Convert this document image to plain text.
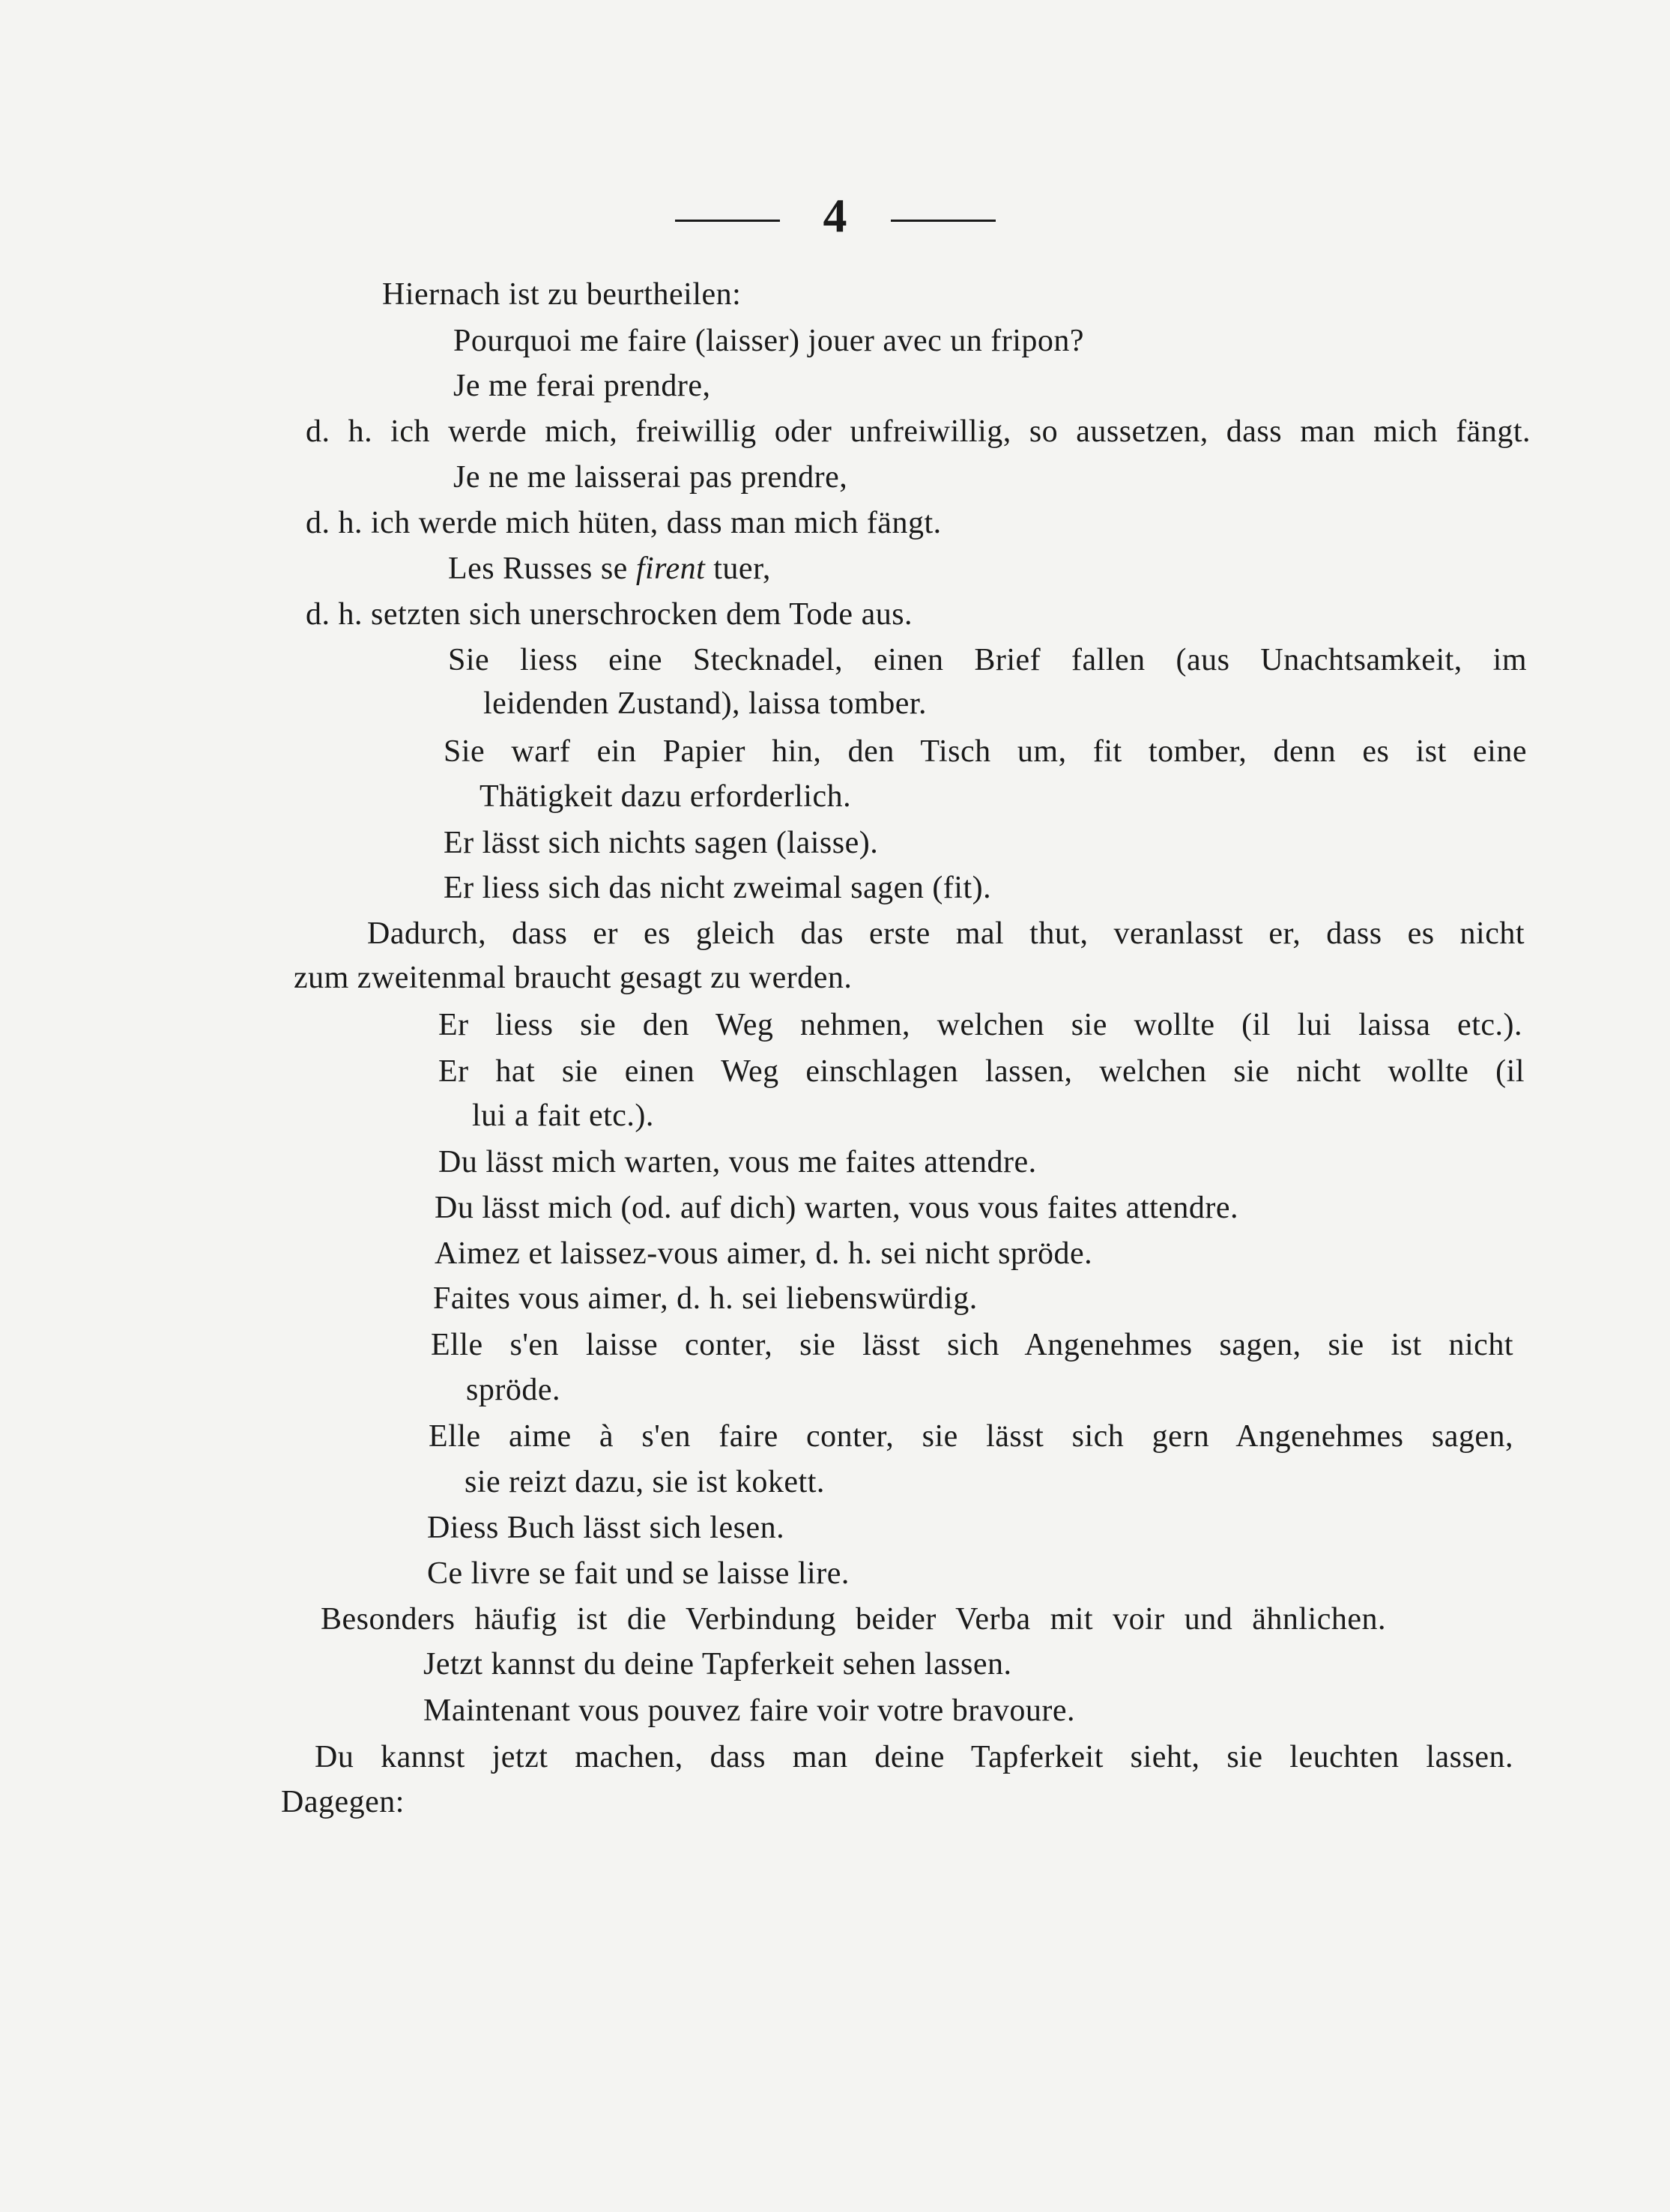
4
Hiernach ist zu beurtheilen:
Pourquoi me faire (laisser) jouer avec un fripon?
Je me ferai prendre,
d. h. ich werde mich, freiwillig oder unfreiwillig, so aussetzen, dass man mich fängt.
Je ne me laisserai pas prendre,
d. h. ich werde mich hüten, dass man mich fängt.
Les Russes se firent tuer,
d. h. setzten sich unerschrocken dem Tode aus.
Sie liess eine Stecknadel, einen Brief fallen (aus Unachtsamkeit, im
leidenden Zustand), laissa tomber.
Sie warf ein Papier hin, den Tisch um, fit tomber, denn es ist eine
Thätigkeit dazu erforderlich.
Er lässt sich nichts sagen (laisse).
Er liess sich das nicht zweimal sagen (fit).
Dadurch, dass er es gleich das erste mal thut, veranlasst er, dass es nicht
zum zweitenmal braucht gesagt zu werden.
Er liess sie den Weg nehmen, welchen sie wollte (il lui laissa etc.).
Er hat sie einen Weg einschlagen lassen, welchen sie nicht wollte (il
lui a fait etc.).
Du lässt mich warten, vous me faites attendre.
Du lässt mich (od. auf dich) warten, vous vous faites attendre.
Aimez et laissez-vous aimer, d. h. sei nicht spröde.
Faites vous aimer, d. h. sei liebenswürdig.
Elle s'en laisse conter, sie lässt sich Angenehmes sagen, sie ist nicht
spröde.
Elle aime à s'en faire conter, sie lässt sich gern Angenehmes sagen,
sie reizt dazu, sie ist kokett.
Diess Buch lässt sich lesen.
Ce livre se fait und se laisse lire.
Besonders häufig ist die Verbindung beider Verba mit voir und ähnlichen.
Jetzt kannst du deine Tapferkeit sehen lassen.
Maintenant vous pouvez faire voir votre bravoure.
Du kannst jetzt machen, dass man deine Tapferkeit sieht, sie leuchten lassen.
Dagegen:
